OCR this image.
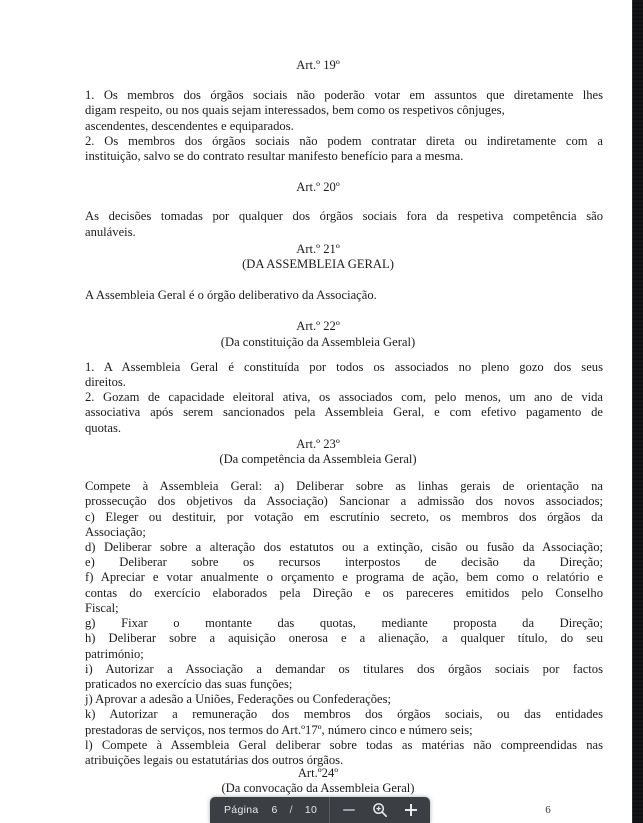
Art.º 19º
1. Os membros dos órgãos sociais não poderão votar em assuntos que diretamente lhes
digam respeito, ou nos quais sejam interessados, bem como os respetivos cônjuges,
ascendentes, descendentes e equiparados.
2. Os membros dos órgãos sociais não podem contratar direta ou indiretamente com a
instituição, salvo se do contrato resultar manifesto benefício para a mesma.
Art.º 20º
As decisões tomadas por qualquer dos órgãos sociais fora da respetiva competência são
anuláveis.
Art.º 21º
(DA ASSEMBLEIA GERAL)
A Assembleia Geral é o órgão deliberativo da Associação.
Art.º 22º
(Da constituição da Assembleia Geral)
1. A Assembleia Geral é constituída por todos os associados no pleno gozo dos seus
direitos.
2. Gozam de capacidade eleitoral ativa, os associados com, pelo menos, um ano de vida
associativa após serem sancionados pela Assembleia Geral, e com efetivo pagamento de
quotas.
Art.º 23º
(Da competência da Assembleia Geral)
Compete à Assembleia Geral: a) Deliberar sobre as linhas gerais de orientação na
prossecução dos objetivos da Associação) Sancionar a admissão dos novos associados;
c) Eleger ou destituir, por votação em escrutínio secreto, os membros dos órgãos da
Associação;
d) Deliberar sobre a alteração dos estatutos ou a extinção, cisão ou fusão da Associação;
e) Deliberar sobre os recursos interpostos de decisão da Direção;
f) Apreciar e votar anualmente o orçamento e programa de ação, bem como o relatório e
contas do exercício elaborados pela Direção e os pareceres emitidos pelo Conselho
Fiscal;
g) Fixar o montante das quotas, mediante proposta da Direção;
h) Deliberar sobre a aquisição onerosa e a alienação, a qualquer título, do seu
património;
i) Autorizar a Associação a demandar os titulares dos órgãos sociais por factos
praticados no exercício das suas funções;
j) Aprovar a adesão a Uniões, Federações ou Confederações;
k) Autorizar a remuneração dos membros dos órgãos sociais, ou das entidades
prestadoras de serviços, nos termos do Art.º17º, número cinco e número seis;
l) Compete à Assembleia Geral deliberar sobre todas as matérias não compreendidas nas
atribuições legais ou estatutárias dos outros órgãos.
Art.º24º
(Da convocação da Assembleia Geral)
6
Página 6 / 10
